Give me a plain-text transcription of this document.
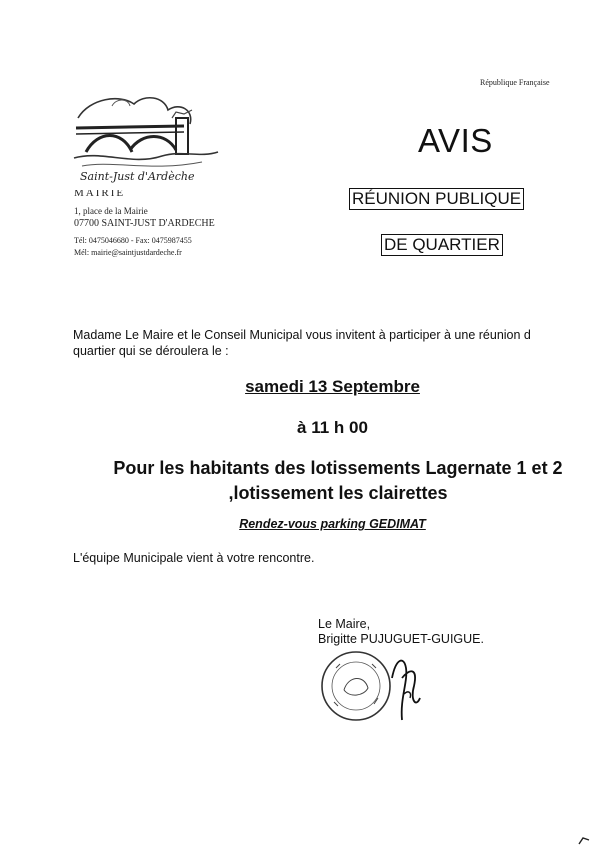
République Française
Saint-Just d'Ardèche
MAIRIE
1, place de la Mairie
07700 SAINT-JUST D'ARDECHE
Tél: 0475046680 - Fax: 0475987455
Mél: mairie@saintjustdardeche.fr
AVIS
RÉUNION PUBLIQUE
DE QUARTIER
Madame Le Maire et le Conseil Municipal vous invitent à participer à une réunion d quartier qui se déroulera le :
samedi 13 Septembre
à 11 h 00
Pour les habitants des lotissements Lagernate 1 et 2 ,lotissement les clairettes
Rendez-vous parking GEDIMAT
L'équipe Municipale vient à votre rencontre.
Le Maire,
Brigitte PUJUGUET-GUIGUE.
